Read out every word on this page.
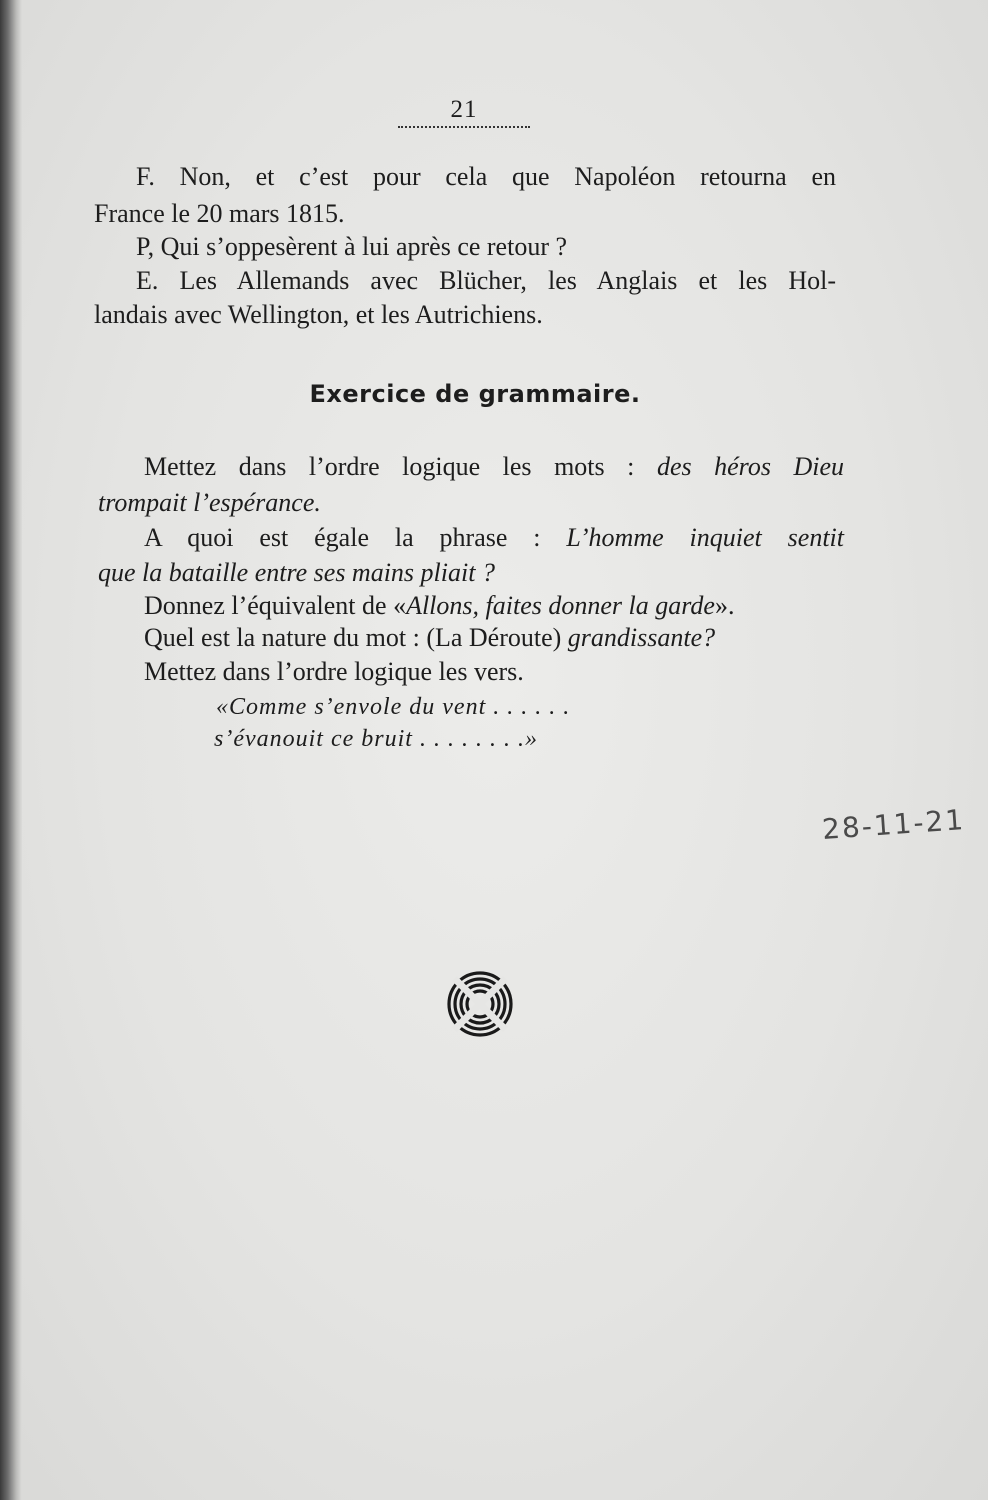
21
F. Non, et c’est pour cela que Napoléon retourna en
France le 20 mars 1815.
P, Qui s’oppesèrent à lui après ce retour ?
E. Les Allemands avec Blücher, les Anglais et les Hol-
landais avec Wellington, et les Autrichiens.
Exercice de grammaire.
Mettez dans l’ordre logique les mots : des héros Dieu
trompait l’espérance.
A quoi est égale la phrase : L’homme inquiet sentit
que la bataille entre ses mains pliait ?
Donnez l’équivalent de «Allons, faites donner la garde».
Quel est la nature du mot : (La Déroute) grandissante?
Mettez dans l’ordre logique les vers.
«Comme s’envole du vent . . . . . .
s’évanouit ce bruit . . . . . . . .»
28-11-21
